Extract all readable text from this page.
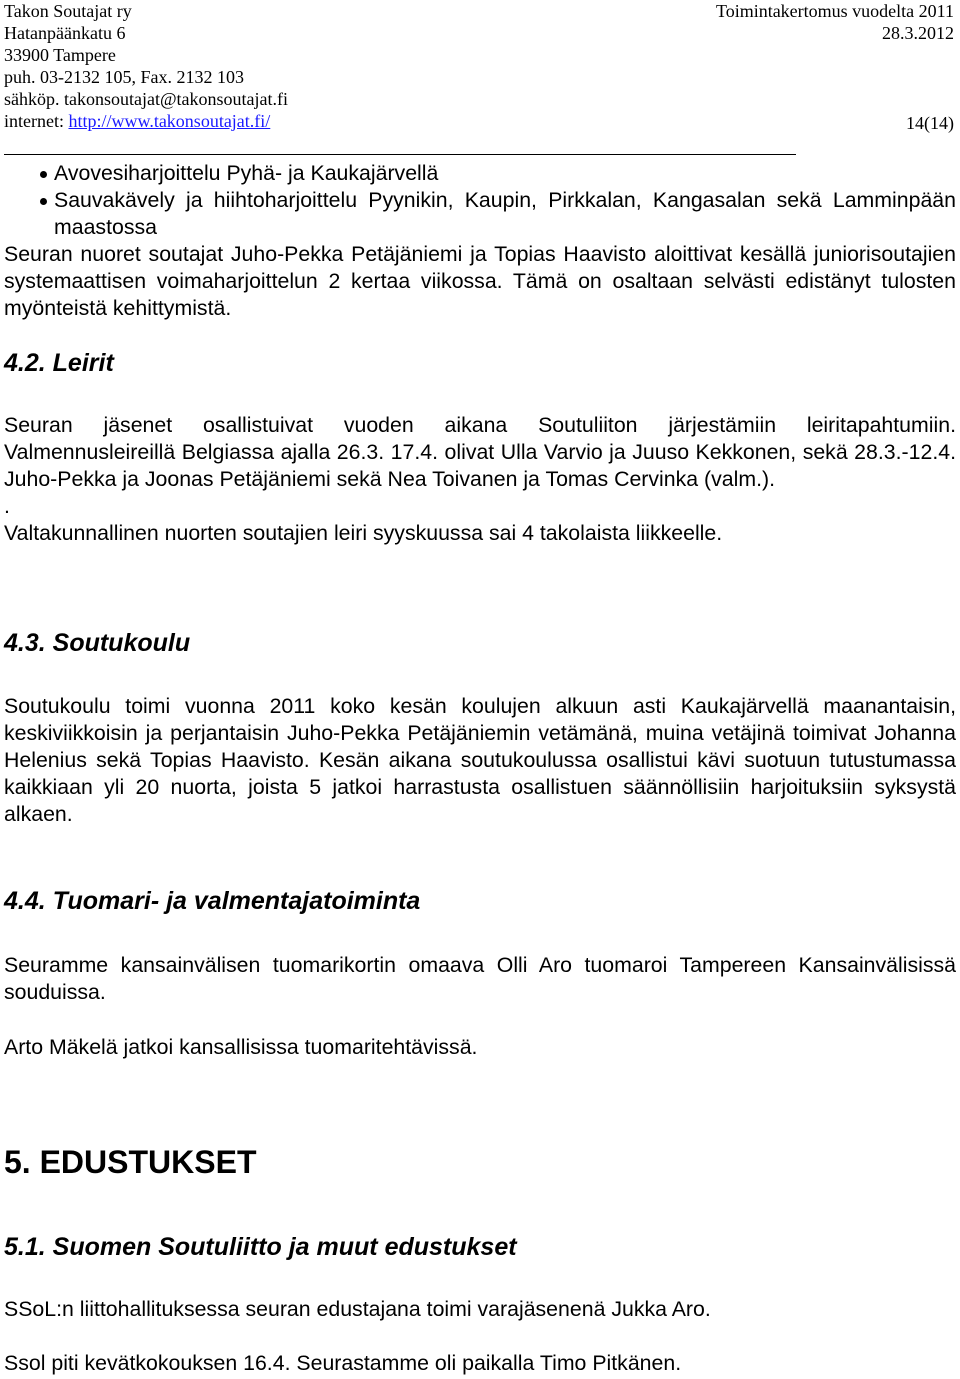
Takon Soutajat ry
Hatanpäänkatu 6
33900 Tampere
puh. 03-2132 105, Fax. 2132 103
sähköp. takonsoutajat@takonsoutajat.fi
internet: http://www.takonsoutajat.fi/
Toimintakertomus vuodelta 2011
28.3.2012
14(14)
Avovesiharjoittelu Pyhä- ja Kaukajärvellä
Sauvakävely ja hiihtoharjoittelu Pyynikin, Kaupin, Pirkkalan, Kangasalan sekä Lamminpään maastossa

Seuran nuoret soutajat Juho-Pekka Petäjäniemi ja Topias Haavisto aloittivat kesällä juniorisoutajien systemaattisen voimaharjoittelun 2 kertaa viikossa. Tämä on osaltaan selvästi edistänyt tulosten myönteistä kehittymistä.

4.2. Leirit

Seuran jäsenet osallistuivat vuoden aikana Soutuliiton järjestämiin leiritapahtumiin. Valmennusleireillä Belgiassa ajalla 26.3. 17.4. olivat Ulla Varvio ja Juuso Kekkonen, sekä 28.3.-12.4. Juho-Pekka ja Joonas Petäjäniemi sekä Nea Toivanen ja Tomas Cervinka (valm.).

.

Valtakunnallinen nuorten soutajien leiri syyskuussa sai 4 takolaista liikkeelle.

4.3. Soutukoulu

Soutukoulu toimi vuonna 2011 koko kesän koulujen alkuun asti Kaukajärvellä maanantaisin, keskiviikkoisin ja perjantaisin Juho-Pekka Petäjäniemin vetämänä, muina vetäjinä toimivat Johanna Helenius sekä Topias Haavisto. Kesän aikana soutukoulussa osallistui kävi suotuun tutustumassa kaikkiaan yli 20 nuorta, joista 5 jatkoi harrastusta osallistuen säännöllisiin harjoituksiin syksystä alkaen.

4.4. Tuomari- ja valmentajatoiminta

Seuramme kansainvälisen tuomarikortin omaava Olli Aro tuomaroi Tampereen Kansainvälisissä souduissa.

Arto Mäkelä jatkoi kansallisissa tuomaritehtävissä.

5. EDUSTUKSET
5.1. Suomen Soutuliitto ja muut edustukset

SSoL:n liittohallituksessa seuran edustajana toimi varajäsenenä Jukka Aro.

Ssol piti kevätkokouksen 16.4. Seurastamme oli paikalla Timo Pitkänen.
